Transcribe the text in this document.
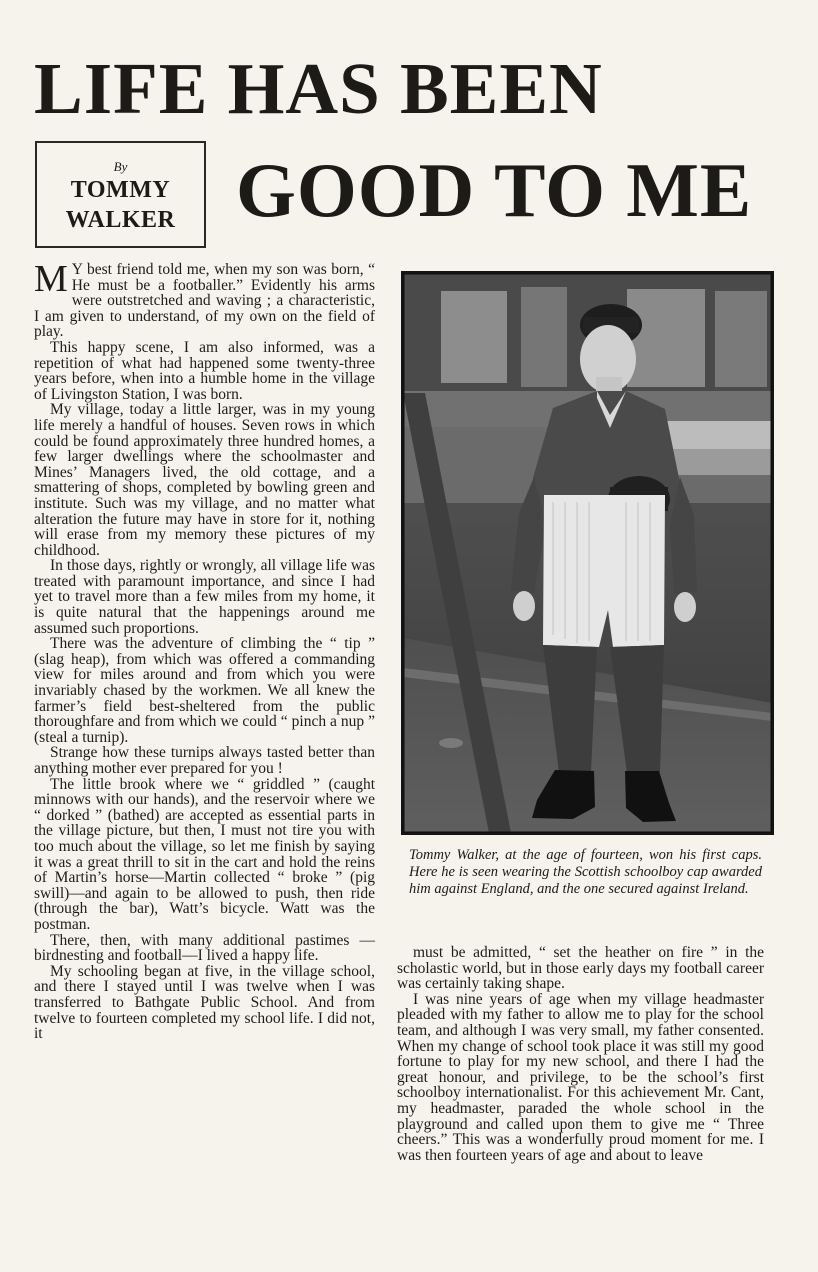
LIFE HAS BEEN
By
TOMMY
WALKER GOOD TO ME

M Y best friend told me, when my son was born, “ He must be a footballer.” Evidently his arms were outstretched and waving ; a characteristic, I am given to understand, of my own on the field of play.

This happy scene, I am also informed, was a repetition of what had happened some twenty-three years before, when into a humble home in the village of Livingston Station, I was born.

My village, today a little larger, was in my young life merely a handful of houses. Seven rows in which could be found approximately three hundred homes, a few larger dwellings where the schoolmaster and Mines’ Managers lived, the old cottage, and a smattering of shops, completed by bowling green and institute. Such was my village, and no matter what alteration the future may have in store for it, nothing will erase from my memory these pictures of my childhood.

In those days, rightly or wrongly, all village life was treated with paramount importance, and since I had yet to travel more than a few miles from my home, it is quite natural that the happenings around me assumed such proportions.

There was the adventure of climbing the “ tip ” (slag heap), from which was offered a commanding view for miles around and from which you were invariably chased by the workmen. We all knew the farmer’s field best-sheltered from the public thoroughfare and from which we could “ pinch a nup ” (steal a turnip).

Strange how these turnips always tasted better than anything mother ever prepared for you !

The little brook where we “ griddled ” (caught minnows with our hands), and the reservoir where we “ dorked ” (bathed) are accepted as essential parts in the village picture, but then, I must not tire you with too much about the village, so let me finish by saying it was a great thrill to sit in the cart and hold the reins of Martin’s horse—Martin collected “ broke ” (pig swill)—and again to be allowed to push, then ride (through the bar), Watt’s bicycle. Watt was the postman.

There, then, with many additional pastimes —birdnesting and football—I lived a happy life.

My schooling began at five, in the village school, and there I stayed until I was twelve when I was transferred to Bathgate Public School. And from twelve to fourteen completed my school life. I did not, it

Tommy Walker, at the age of fourteen, won his first caps. Here he is seen wearing the Scottish schoolboy cap awarded him against England, and the one secured against Ireland.

must be admitted, “ set the heather on fire ” in the scholastic world, but in those early days my football career was certainly taking shape.

I was nine years of age when my village headmaster pleaded with my father to allow me to play for the school team, and although I was very small, my father consented. When my change of school took place it was still my good fortune to play for my new school, and there I had the great honour, and privilege, to be the school’s first schoolboy internationalist. For this achievement Mr. Cant, my headmaster, paraded the whole school in the playground and called upon them to give me “ Three cheers.” This was a wonderfully proud moment for me. I was then fourteen years of age and about to leave
